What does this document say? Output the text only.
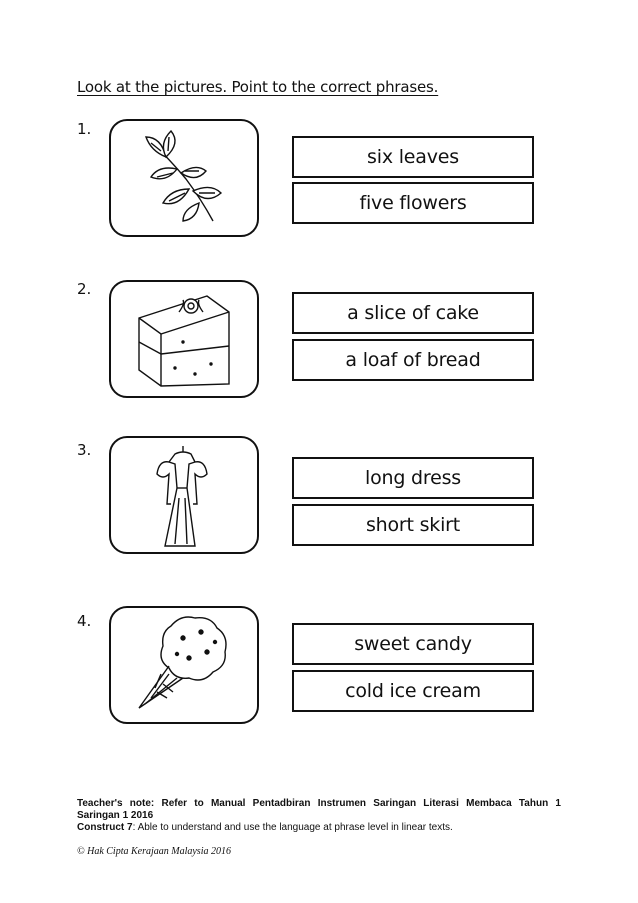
Look at the pictures. Point to the correct phrases.
1.
six leaves
five flowers
2.
a slice of cake
a loaf of bread
3.
long dress
short skirt
4.
sweet candy
cold ice cream
Teacher's note: Refer to Manual Pentadbiran Instrumen Saringan Literasi Membaca Tahun 1
Saringan 1 2016
Construct 7: Able to understand and use the language at phrase level in linear texts.
© Hak Cipta Kerajaan Malaysia 2016
